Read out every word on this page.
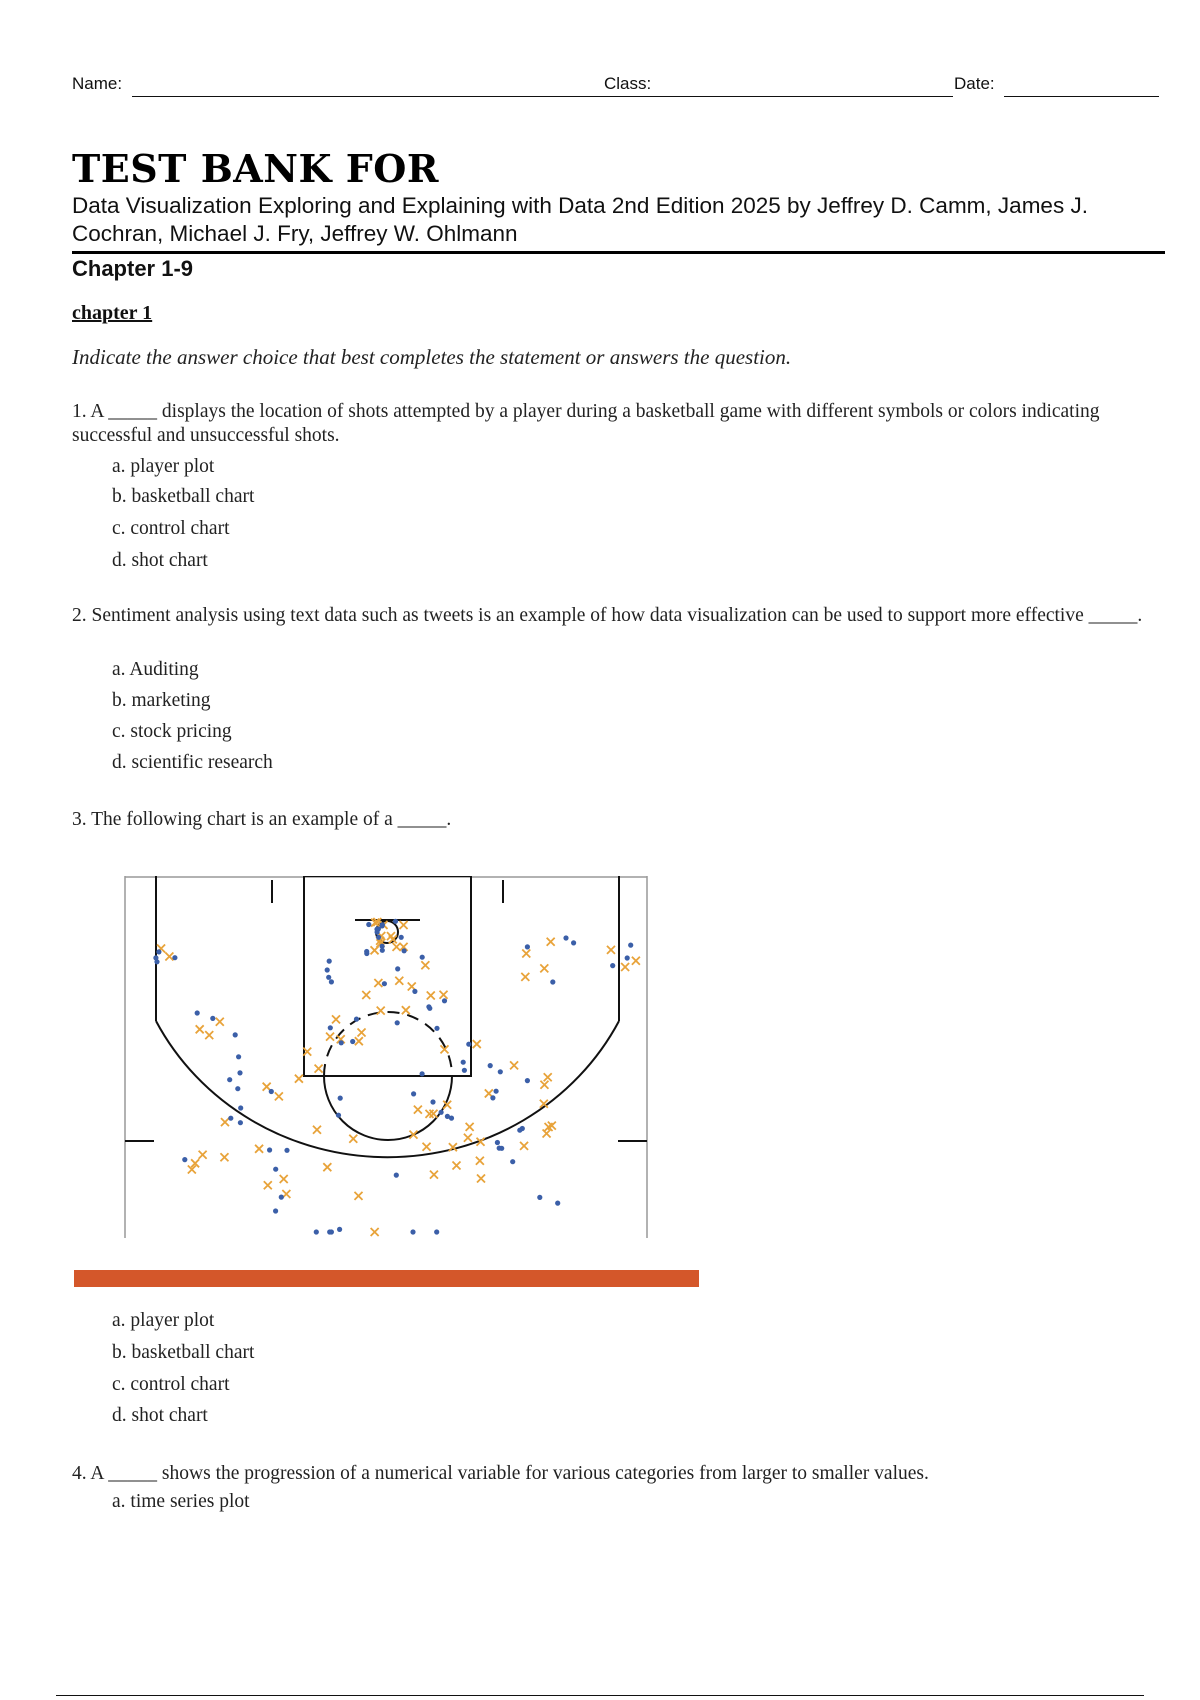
Name:	Class:	Date:
TEST BANK FOR
Data Visualization Exploring and Explaining with Data 2nd Edition 2025 by Jeffrey D. Camm, James J. Cochran, Michael J. Fry, Jeffrey W. Ohlmann
Chapter 1-9
chapter 1
Indicate the answer choice that best completes the statement or answers the question.
1. A _____ displays the location of shots attempted by a player during a basketball game with different symbols or colors indicating successful and unsuccessful shots.
a. player plot
b. basketball chart
c. control chart
d. shot chart
2. Sentiment analysis using text data such as tweets is an example of how data visualization can be used to support more effective _____.
a. Auditing
b. marketing
c. stock pricing
d. scientific research
3. The following chart is an example of a _____.
a. player plot
b. basketball chart
c. control chart
d. shot chart
4. A _____ shows the progression of a numerical variable for various categories from larger to smaller values.
a. time series plot
